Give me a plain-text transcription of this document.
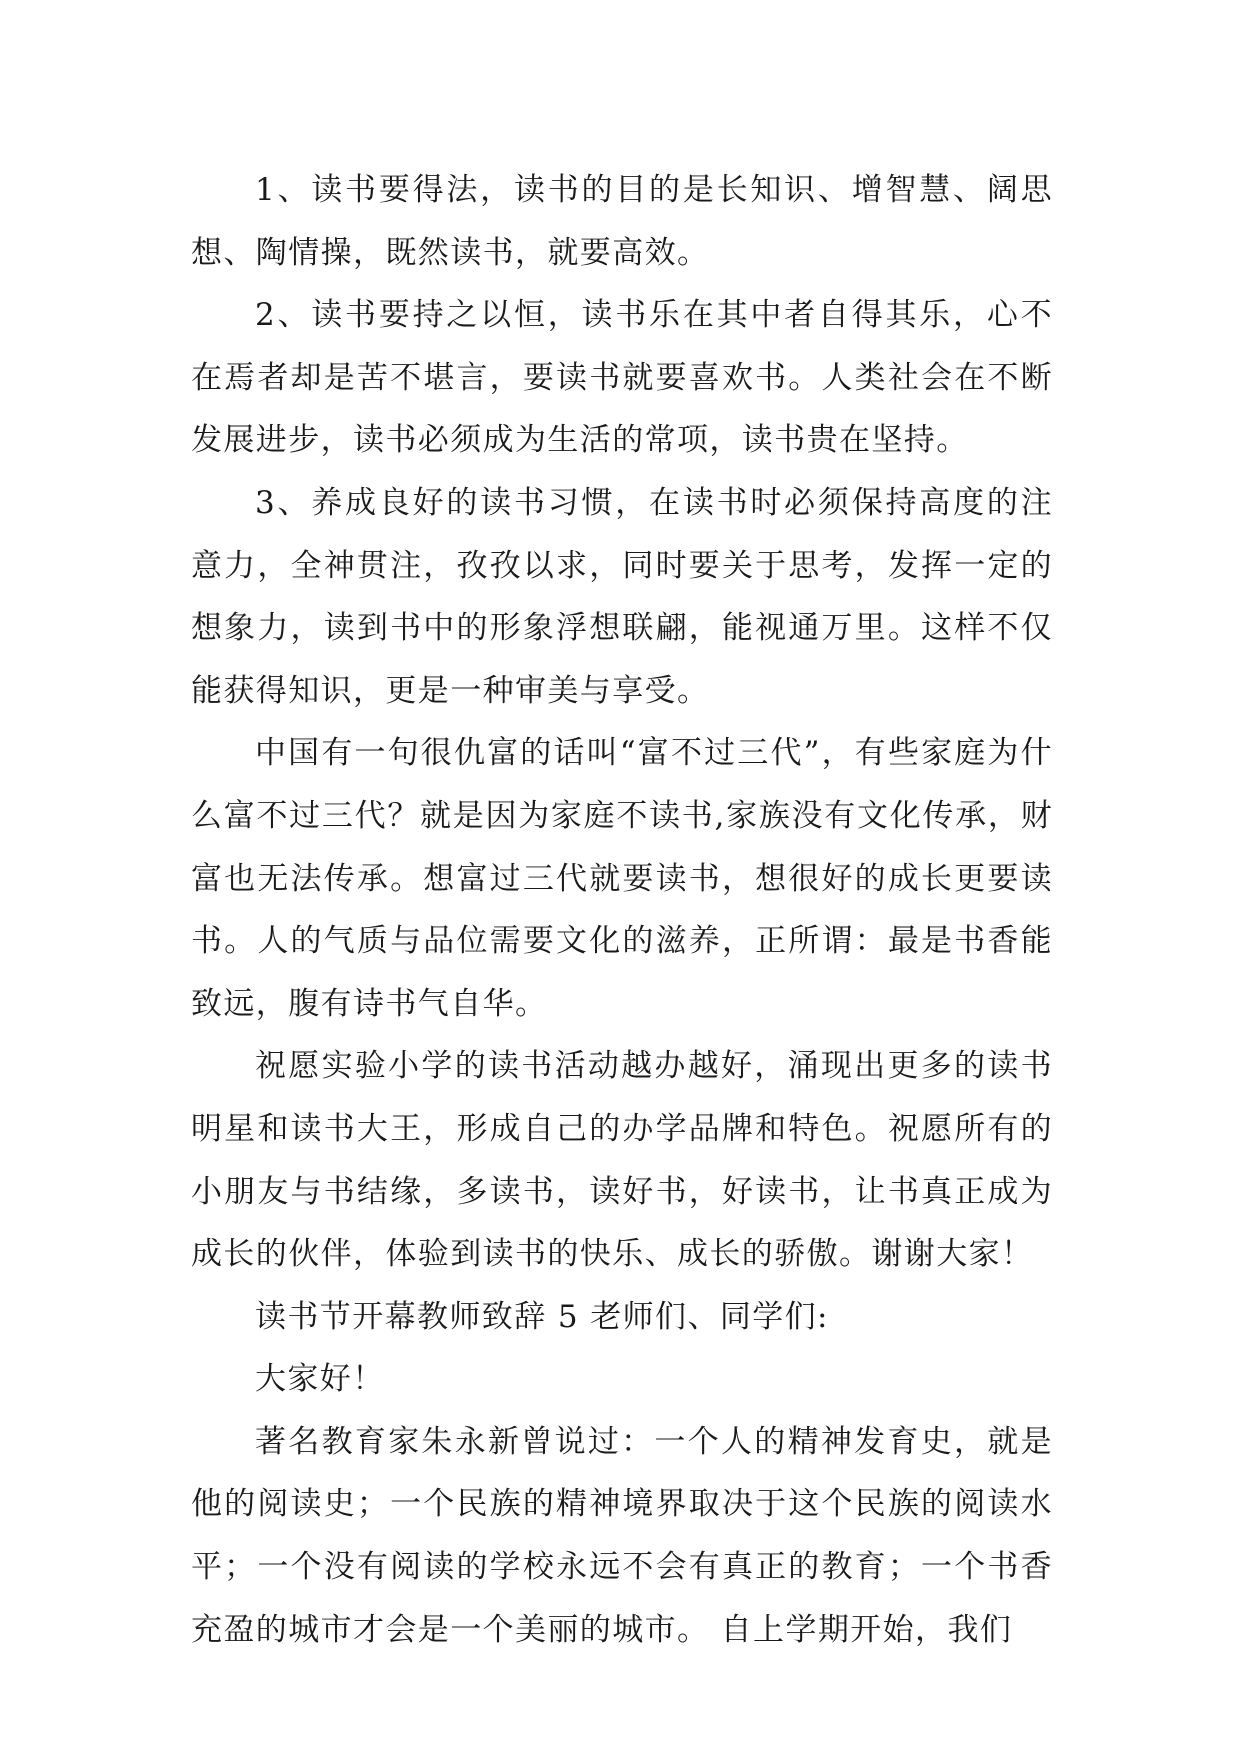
1、读书要得法，读书的目的是长知识、增智慧、阔思想、陶情操，既然读书，就要高效。

2、读书要持之以恒，读书乐在其中者自得其乐，心不在焉者却是苦不堪言，要读书就要喜欢书。人类社会在不断发展进步，读书必须成为生活的常项，读书贵在坚持。

3、养成良好的读书习惯，在读书时必须保持高度的注意力，全神贯注，孜孜以求，同时要关于思考，发挥一定的想象力，读到书中的形象浮想联翩，能视通万里。这样不仅能获得知识，更是一种审美与享受。

中国有一句很仇富的话叫“富不过三代”，有些家庭为什么富不过三代？就是因为家庭不读书,家族没有文化传承，财富也无法传承。想富过三代就要读书，想很好的成长更要读书。人的气质与品位需要文化的滋养，正所谓：最是书香能致远，腹有诗书气自华。

祝愿实验小学的读书活动越办越好，涌现出更多的读书明星和读书大王，形成自己的办学品牌和特色。祝愿所有的小朋友与书结缘，多读书，读好书，好读书，让书真正成为成长的伙伴，体验到读书的快乐、成长的骄傲。谢谢大家！

读书节开幕教师致辞 5 老师们、同学们:

大家好！

著名教育家朱永新曾说过：一个人的精神发育史，就是他的阅读史；一个民族的精神境界取决于这个民族的阅读水平；一个没有阅读的学校永远不会有真正的教育；一个书香充盈的城市才会是一个美丽的城市。 自上学期开始，我们
